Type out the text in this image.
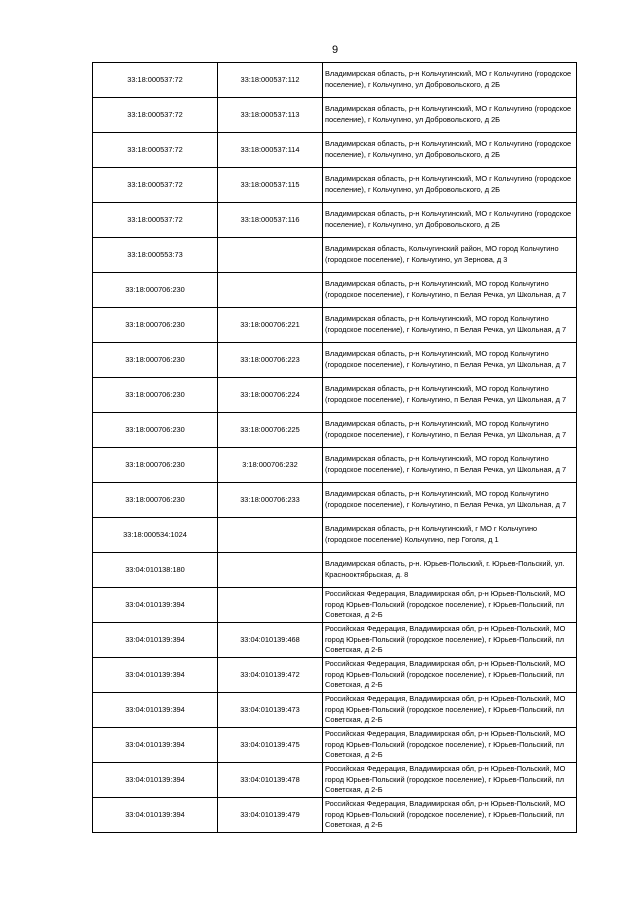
9
33:18:000537:72	33:18:000537:112	Владимирская область, р-н Кольчугинский, МО г Кольчугино (городское поселение), г Кольчугино, ул Добровольского, д 2Б
33:18:000537:72	33:18:000537:113	Владимирская область, р-н Кольчугинский, МО г Кольчугино (городское поселение), г Кольчугино, ул Добровольского, д 2Б
33:18:000537:72	33:18:000537:114	Владимирская область, р-н Кольчугинский, МО г Кольчугино (городское поселение), г Кольчугино, ул Добровольского, д 2Б
33:18:000537:72	33:18:000537:115	Владимирская область, р-н Кольчугинский, МО г Кольчугино (городское поселение), г Кольчугино, ул Добровольского, д 2Б
33:18:000537:72	33:18:000537:116	Владимирская область, р-н Кольчугинский, МО г Кольчугино (городское поселение), г Кольчугино, ул Добровольского, д 2Б
33:18:000553:73		Владимирская область, Кольчугинский район, МО город Кольчугино (городское поселение), г Кольчугино, ул Зернова, д 3
33:18:000706:230		Владимирская область, р-н Кольчугинский, МО город Кольчугино (городское поселение), г Кольчугино, п Белая Речка, ул Школьная, д 7
33:18:000706:230	33:18:000706:221	Владимирская область, р-н Кольчугинский, МО город Кольчугино (городское поселение), г Кольчугино, п Белая Речка, ул Школьная, д 7
33:18:000706:230	33:18:000706:223	Владимирская область, р-н Кольчугинский, МО город Кольчугино (городское поселение), г Кольчугино, п Белая Речка, ул Школьная, д 7
33:18:000706:230	33:18:000706:224	Владимирская область, р-н Кольчугинский, МО город Кольчугино (городское поселение), г Кольчугино, п Белая Речка, ул Школьная, д 7
33:18:000706:230	33:18:000706:225	Владимирская область, р-н Кольчугинский, МО город Кольчугино (городское поселение), г Кольчугино, п Белая Речка, ул Школьная, д 7
33:18:000706:230	3:18:000706:232	Владимирская область, р-н Кольчугинский, МО город Кольчугино (городское поселение), г Кольчугино, п Белая Речка, ул Школьная, д 7
33:18:000706:230	33:18:000706:233	Владимирская область, р-н Кольчугинский, МО город Кольчугино (городское поселение), г Кольчугино, п Белая Речка, ул Школьная, д 7
33:18:000534:1024		Владимирская область, р-н Кольчугинский, г МО г Кольчугино (городское поселение) Кольчугино, пер Гоголя, д 1
33:04:010138:180		Владимирская область, р-н. Юрьев-Польский, г. Юрьев-Польский, ул. Краснооктябрьская, д. 8
33:04:010139:394		Российская Федерация, Владимирская обл, р-н Юрьев-Польский, МО город Юрьев-Польский (городское поселение), г Юрьев-Польский, пл Советская, д 2-Б
33:04:010139:394	33:04:010139:468	Российская Федерация, Владимирская обл, р-н Юрьев-Польский, МО город Юрьев-Польский (городское поселение), г Юрьев-Польский, пл Советская, д 2-Б
33:04:010139:394	33:04:010139:472	Российская Федерация, Владимирская обл, р-н Юрьев-Польский, МО город Юрьев-Польский (городское поселение), г Юрьев-Польский, пл Советская, д 2-Б
33:04:010139:394	33:04:010139:473	Российская Федерация, Владимирская обл, р-н Юрьев-Польский, МО город Юрьев-Польский (городское поселение), г Юрьев-Польский, пл Советская, д 2-Б
33:04:010139:394	33:04:010139:475	Российская Федерация, Владимирская обл, р-н Юрьев-Польский, МО город Юрьев-Польский (городское поселение), г Юрьев-Польский, пл Советская, д 2-Б
33:04:010139:394	33:04:010139:478	Российская Федерация, Владимирская обл, р-н Юрьев-Польский, МО город Юрьев-Польский (городское поселение), г Юрьев-Польский, пл Советская, д 2-Б
33:04:010139:394	33:04:010139:479	Российская Федерация, Владимирская обл, р-н Юрьев-Польский, МО город Юрьев-Польский (городское поселение), г Юрьев-Польский, пл Советская, д 2-Б
